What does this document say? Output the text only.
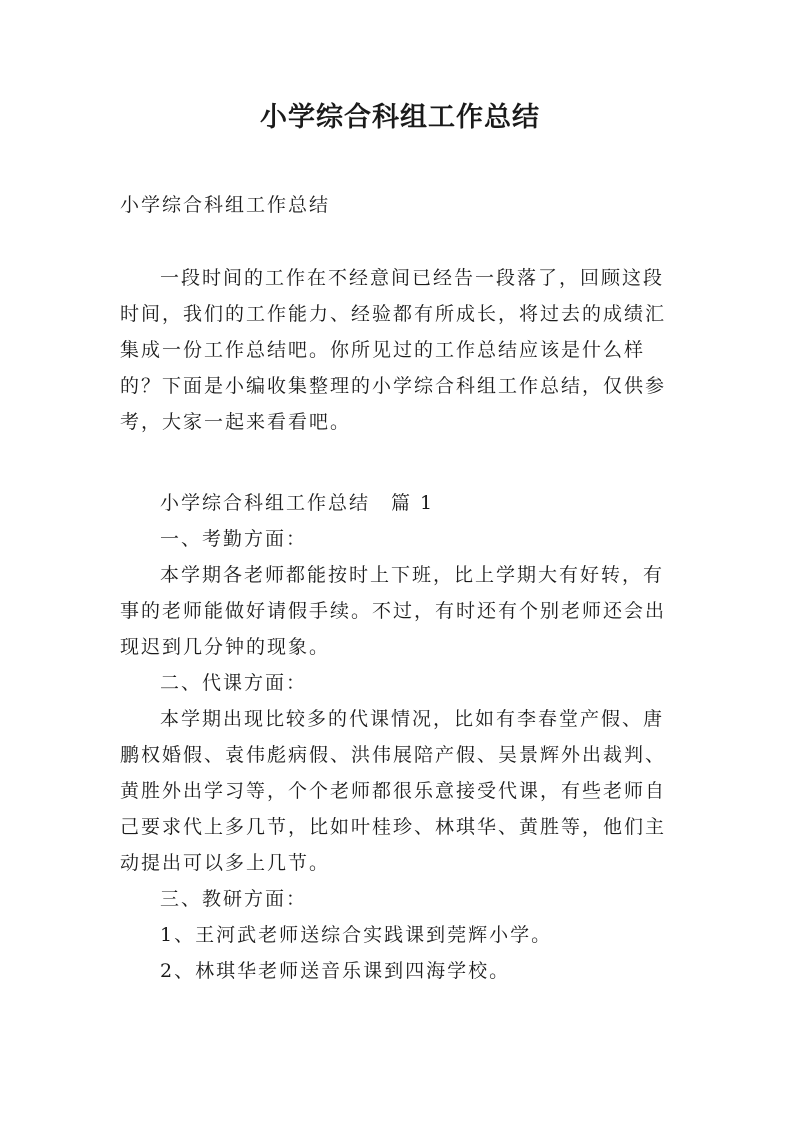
小学综合科组工作总结

小学综合科组工作总结

一段时间的工作在不经意间已经告一段落了，回顾这段时间，我们的工作能力、经验都有所成长，将过去的成绩汇集成一份工作总结吧。你所见过的工作总结应该是什么样的？下面是小编收集整理的小学综合科组工作总结，仅供参考，大家一起来看看吧。

小学综合科组工作总结　篇 1

一、考勤方面：

本学期各老师都能按时上下班，比上学期大有好转，有事的老师能做好请假手续。不过，有时还有个别老师还会出现迟到几分钟的现象。

二、代课方面：

本学期出现比较多的代课情况，比如有李春堂产假、唐鹏权婚假、袁伟彪病假、洪伟展陪产假、吴景辉外出裁判、黄胜外出学习等，个个老师都很乐意接受代课，有些老师自己要求代上多几节，比如叶桂珍、林琪华、黄胜等，他们主动提出可以多上几节。

三、教研方面：

1、王河武老师送综合实践课到莞辉小学。

2、林琪华老师送音乐课到四海学校。
